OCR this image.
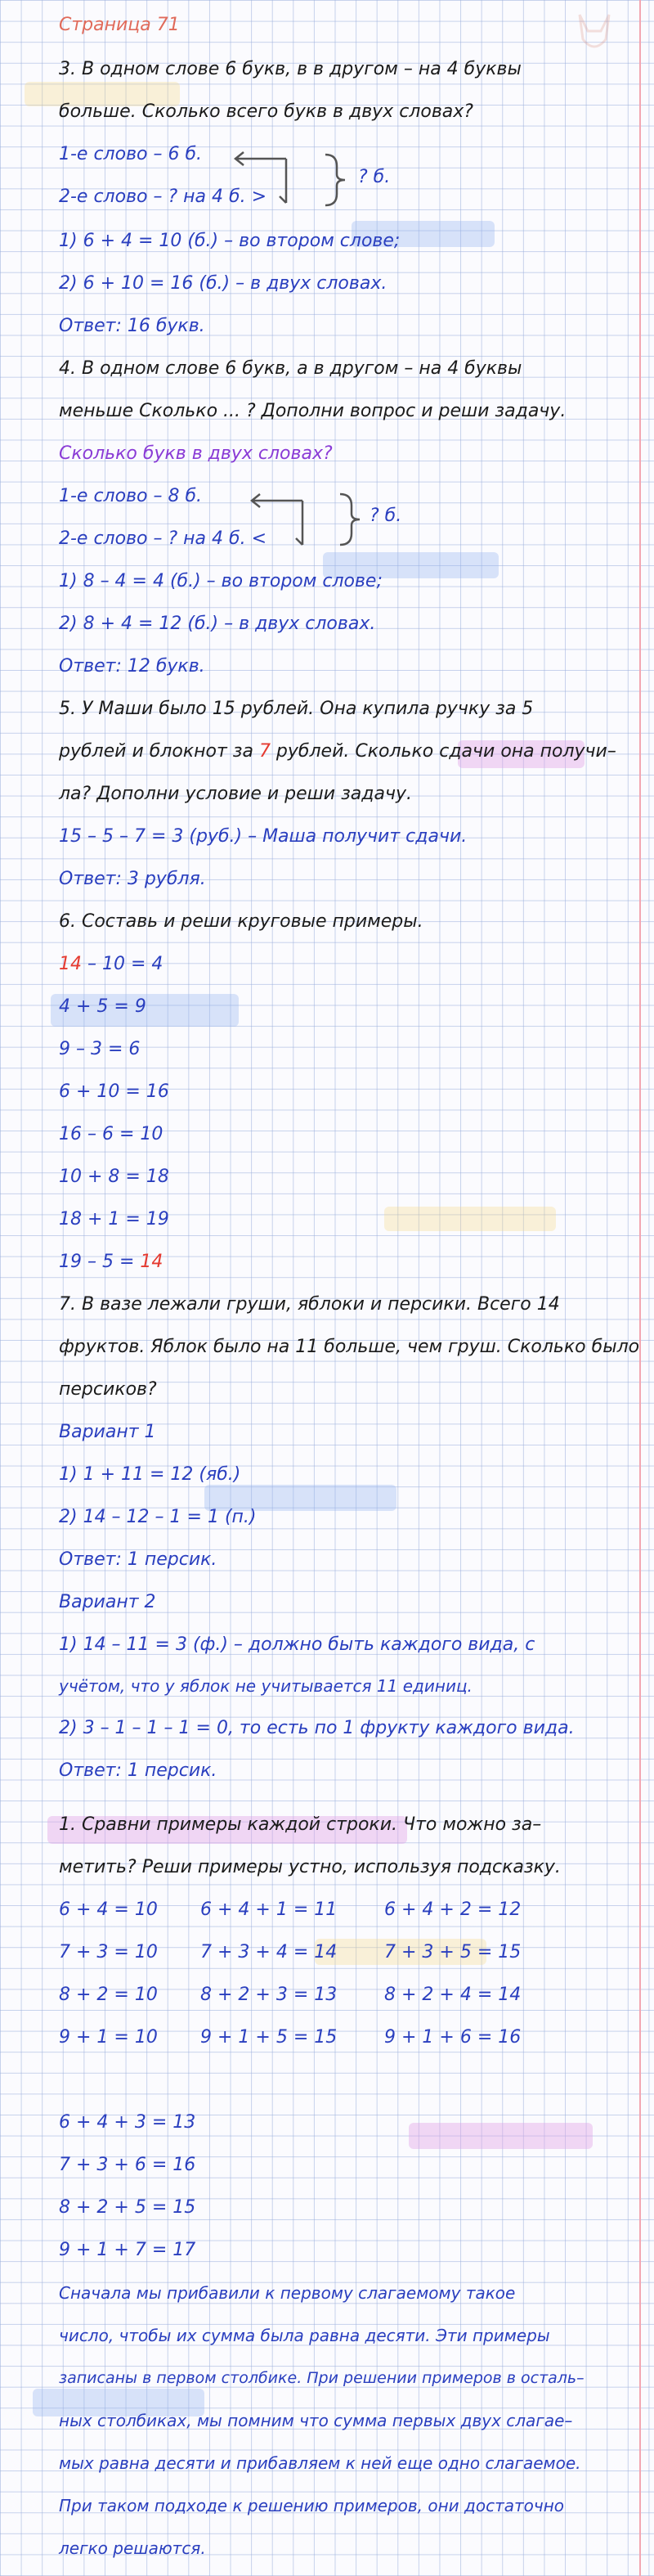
Страница 71
3. В одном слове 6 букв, в в другом – на 4 буквы
больше. Сколько всего букв в двух словах?
1-е слово – 6 б.
2-е слово – ? на 4 б. >
? б.
1) 6 + 4 = 10 (б.) – во втором слове;
2) 6 + 10 = 16 (б.) – в двух словах.
Ответ: 16 букв.
4. В одном слове 6 букв, а в другом – на 4 буквы
меньше Сколько ... ? Дополни вопрос и реши задачу.
Сколько букв в двух словах?
1-е слово – 8 б.
2-е слово – ? на 4 б. <
? б.
1) 8 – 4 = 4 (б.) – во втором слове;
2) 8 + 4 = 12 (б.) – в двух словах.
Ответ: 12 букв.
5. У Маши было 15 рублей. Она купила ручку за 5
рублей и блокнот за 7 рублей. Сколько сдачи она получи–
ла? Дополни условие и реши задачу.
15 – 5 – 7 = 3 (руб.) – Маша получит сдачи.
Ответ: 3 рубля.
6. Составь и реши круговые примеры.
14 – 10 = 4
4 + 5 = 9
9 – 3 = 6
6 + 10 = 16
16 – 6 = 10
10 + 8 = 18
18 + 1 = 19
19 – 5 = 14
7. В вазе лежали груши, яблоки и персики. Всего 14
фруктов. Яблок было на 11 больше, чем груш. Сколько было
персиков?
Вариант 1
1) 1 + 11 = 12 (яб.)
2) 14 – 12 – 1 = 1 (п.)
Ответ: 1 персик.
Вариант 2
1) 14 – 11 = 3 (ф.) – должно быть каждого вида, с
учётом, что у яблок не учитывается 11 единиц.
2) 3 – 1 – 1 – 1 = 0, то есть по 1 фрукту каждого вида.
Ответ: 1 персик.
1. Сравни примеры каждой строки. Что можно за–
метить? Реши примеры устно, используя подсказку.
6 + 4 = 10 6 + 4 + 1 = 11	6 + 4 + 2 = 12
7 + 3 = 10 7 + 3 + 4 = 14	7 + 3 + 5 = 15
8 + 2 = 10 8 + 2 + 3 = 13	8 + 2 + 4 = 14
9 + 1 = 10 9 + 1 + 5 = 15	9 + 1 + 6 = 16
6 + 4 + 3 = 13
7 + 3 + 6 = 16
8 + 2 + 5 = 15
9 + 1 + 7 = 17
Сначала мы прибавили к первому слагаемому такое
число, чтобы их сумма была равна десяти. Эти примеры
записаны в первом столбике. При решении примеров в осталь–
ных столбиках, мы помним что сумма первых двух слагае–
мых равна десяти и прибавляем к ней еще одно слагаемое.
При таком подходе к решению примеров, они достаточно
легко решаются.
